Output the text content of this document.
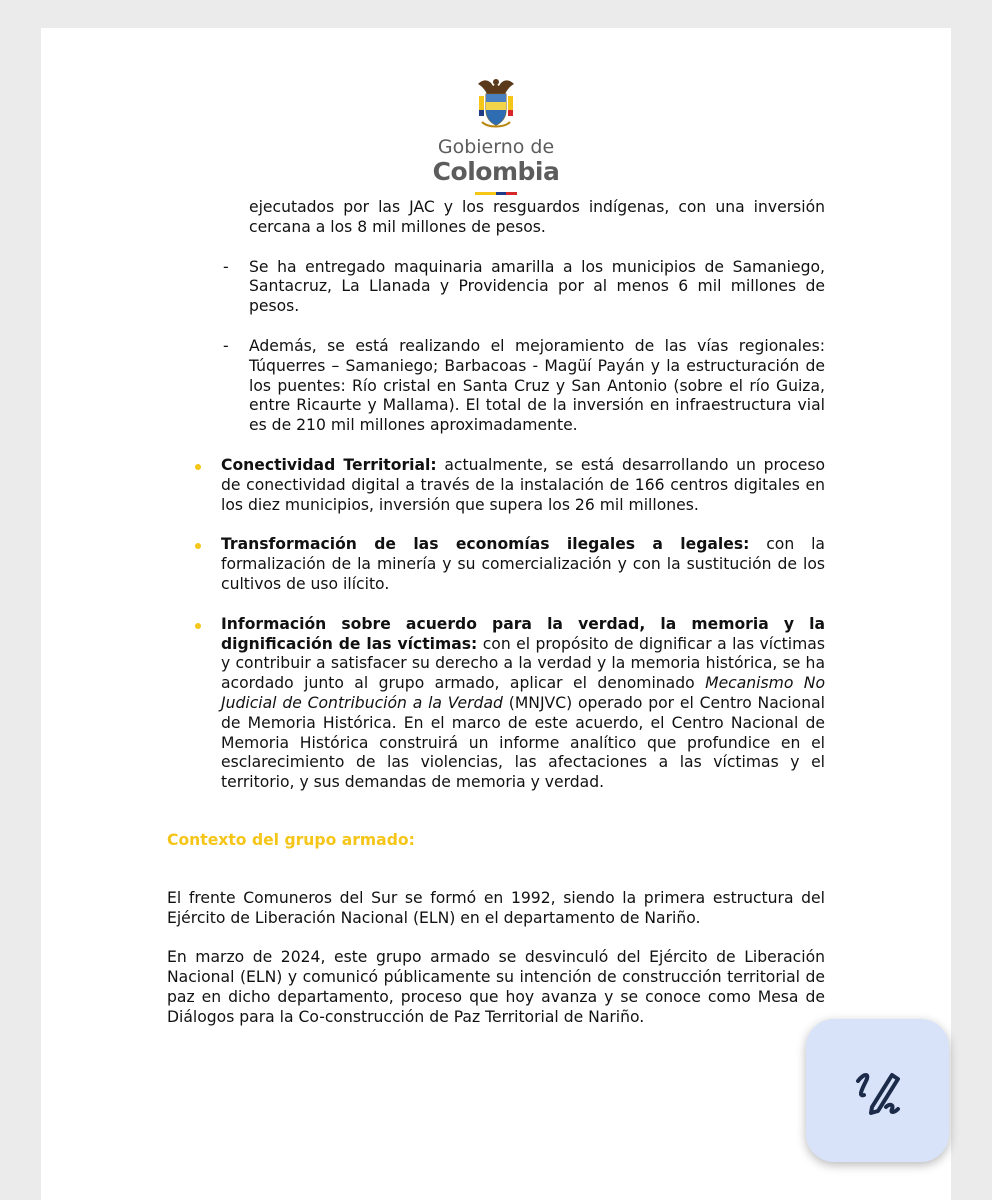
Gobierno de
Colombia
ejecutados por las JAC y los resguardos indígenas, con una inversión cercana a los 8 mil millones de pesos.
- Se ha entregado maquinaria amarilla a los municipios de Samaniego, Santacruz, La Llanada y Providencia por al menos 6 mil millones de pesos.
- Además, se está realizando el mejoramiento de las vías regionales: Túquerres – Samaniego; Barbacoas - Magüí Payán y la estructuración de los puentes: Río cristal en Santa Cruz y San Antonio (sobre el río Guiza, entre Ricaurte y Mallama). El total de la inversión en infraestructura vial es de 210 mil millones aproximadamente.
Conectividad Territorial: actualmente, se está desarrollando un proceso de conectividad digital a través de la instalación de 166 centros digitales en los diez municipios, inversión que supera los 26 mil millones.
Transformación de las economías ilegales a legales: con la formalización de la minería y su comercialización y con la sustitución de los cultivos de uso ilícito.
Información sobre acuerdo para la verdad, la memoria y la dignificación de las víctimas: con el propósito de dignificar a las víctimas y contribuir a satisfacer su derecho a la verdad y la memoria histórica, se ha acordado junto al grupo armado, aplicar el denominado Mecanismo No Judicial de Contribución a la Verdad (MNJVC) operado por el Centro Nacional de Memoria Histórica. En el marco de este acuerdo, el Centro Nacional de Memoria Histórica construirá un informe analítico que profundice en el esclarecimiento de las violencias, las afectaciones a las víctimas y el territorio, y sus demandas de memoria y verdad.
Contexto del grupo armado:
El frente Comuneros del Sur se formó en 1992, siendo la primera estructura del Ejército de Liberación Nacional (ELN) en el departamento de Nariño.
En marzo de 2024, este grupo armado se desvinculó del Ejército de Liberación Nacional (ELN) y comunicó públicamente su intención de construcción territorial de paz en dicho departamento, proceso que hoy avanza y se conoce como Mesa de Diálogos para la Co-construcción de Paz Territorial de Nariño.
